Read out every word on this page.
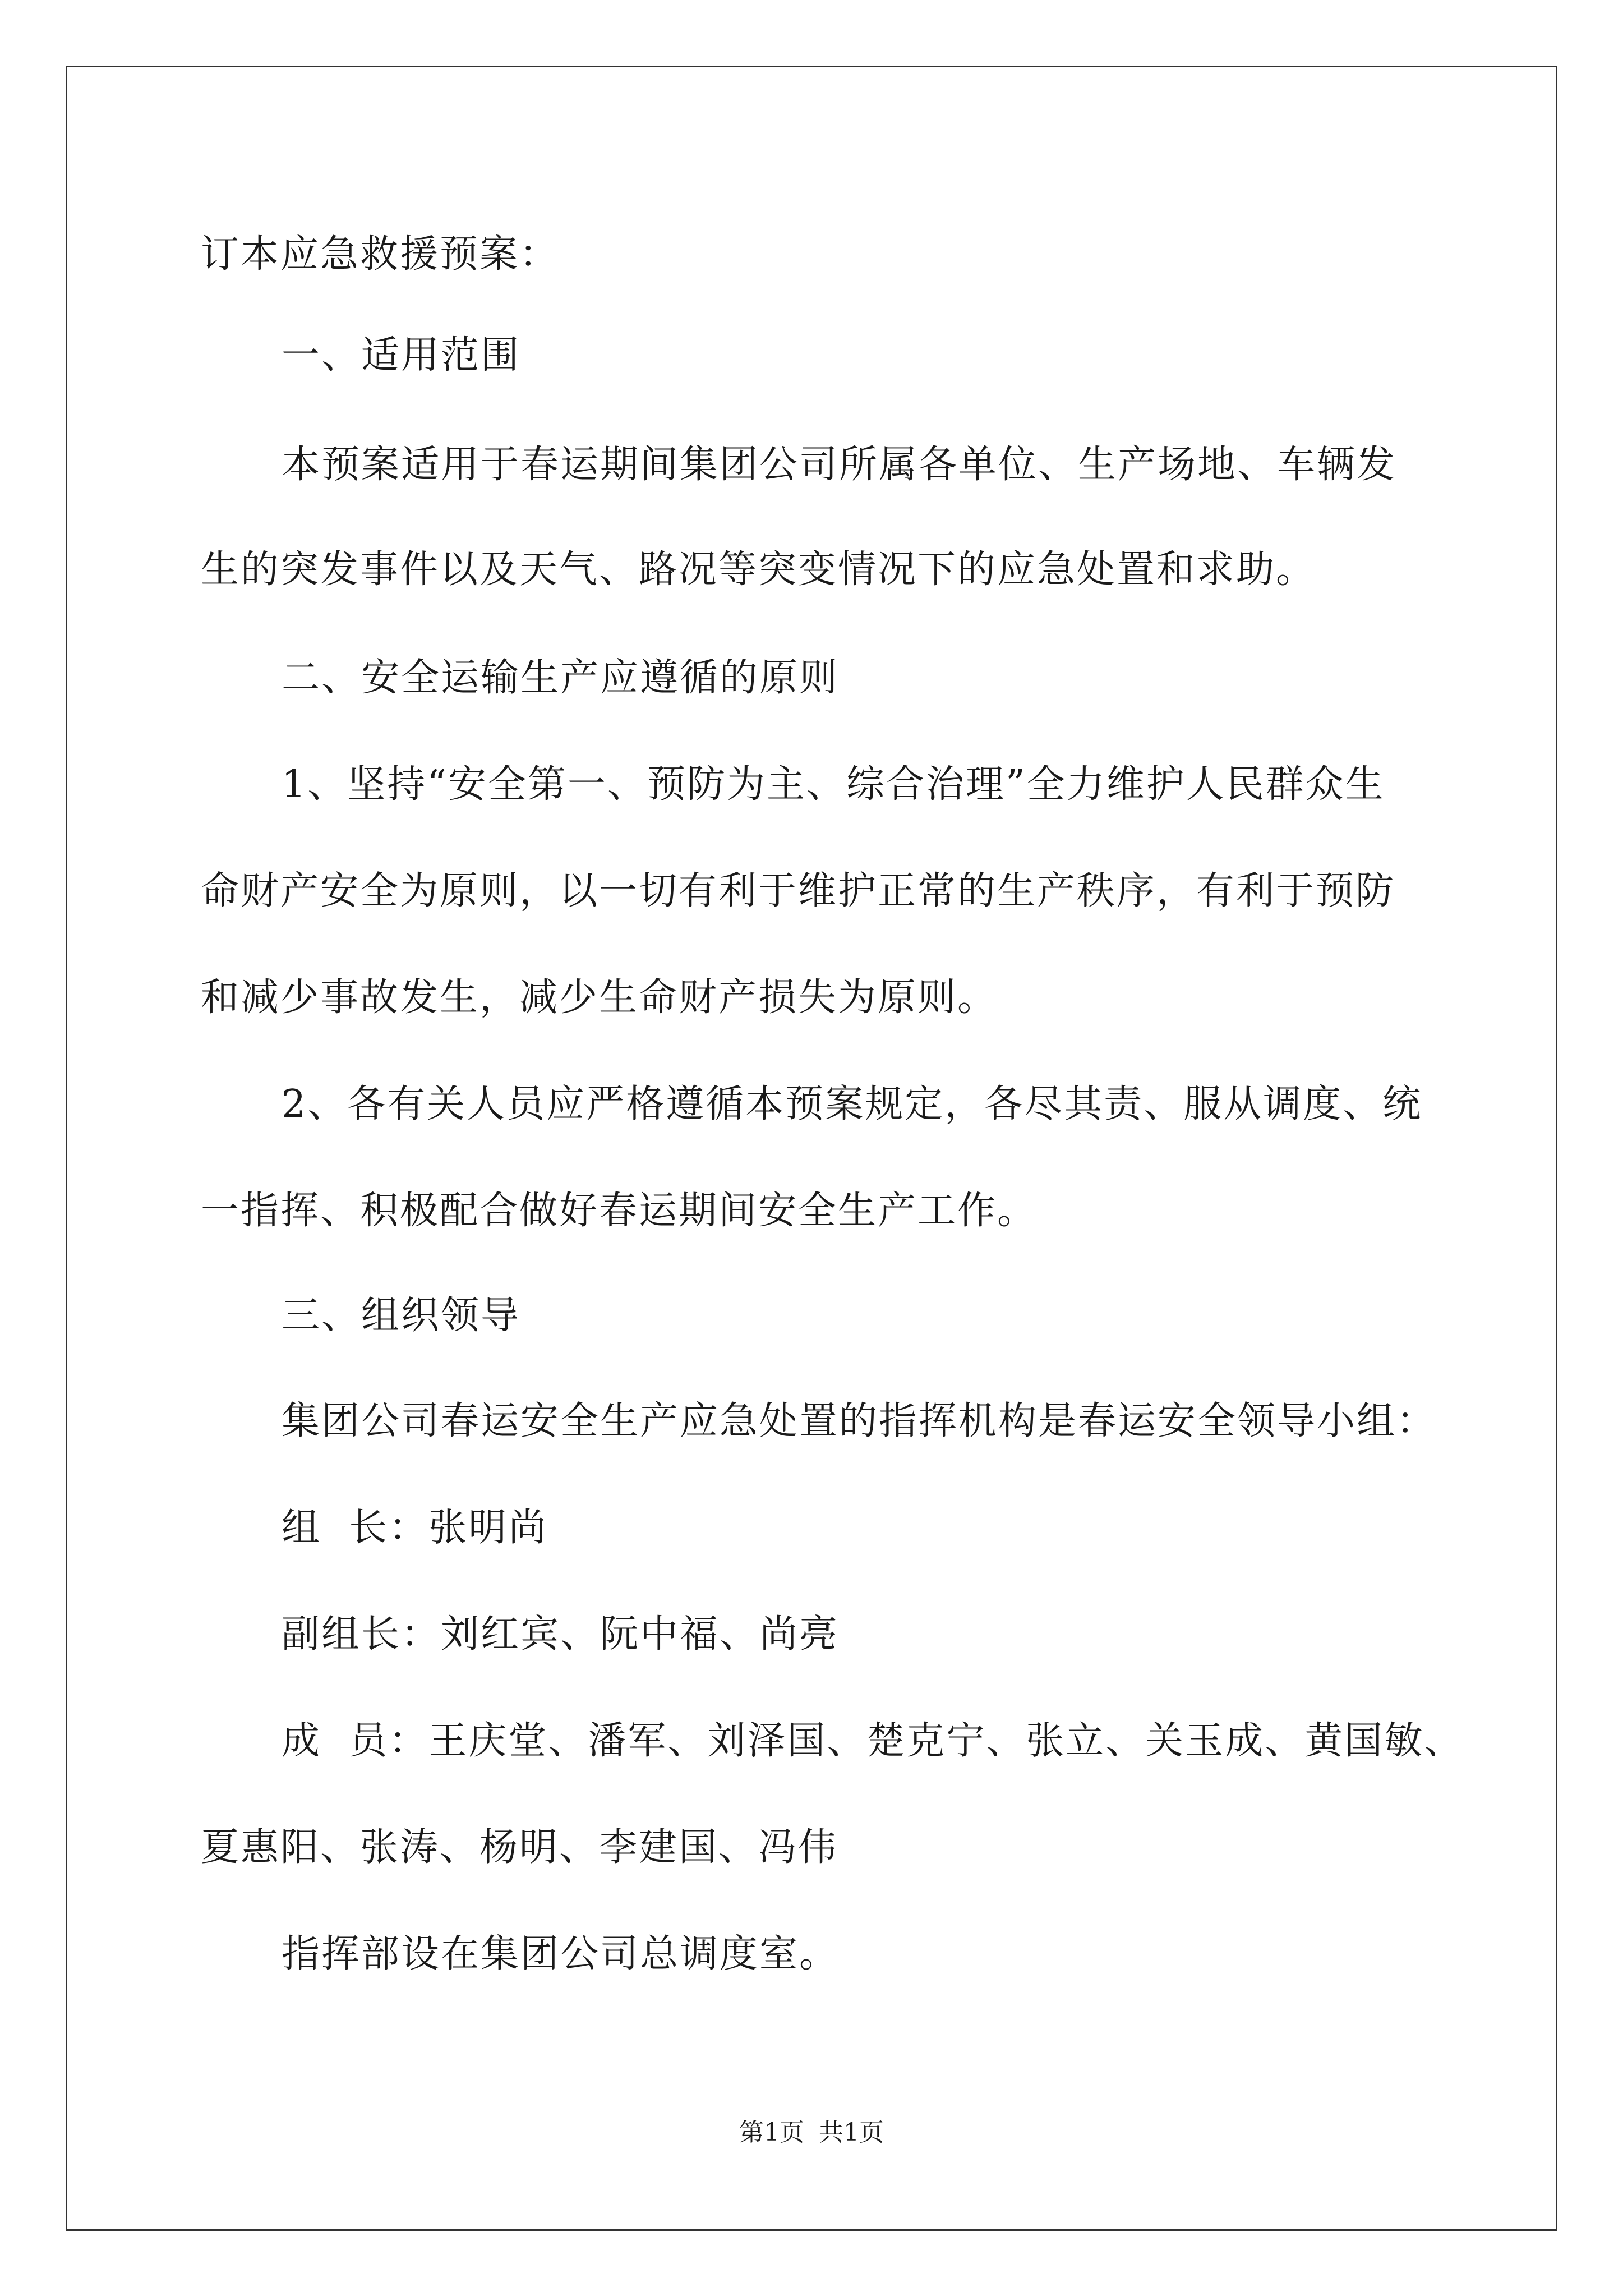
订本应急救援预案：
一、适用范围
本预案适用于春运期间集团公司所属各单位、生产场地、车辆发
生的突发事件以及天气、路况等突变情况下的应急处置和求助。
二、安全运输生产应遵循的原则
1、坚持“安全第一、预防为主、综合治理”全力维护人民群众生
命财产安全为原则，以一切有利于维护正常的生产秩序，有利于预防
和减少事故发生，减少生命财产损失为原则。
2、各有关人员应严格遵循本预案规定，各尽其责、服从调度、统
一指挥、积极配合做好春运期间安全生产工作。
三、组织领导
集团公司春运安全生产应急处置的指挥机构是春运安全领导小组：
组  长：张明尚
副组长：刘红宾、阮中福、尚亮
成  员：王庆堂、潘军、刘泽国、楚克宁、张立、关玉成、黄国敏、
夏惠阳、张涛、杨明、李建国、冯伟
指挥部设在集团公司总调度室。
第1页 共1页
